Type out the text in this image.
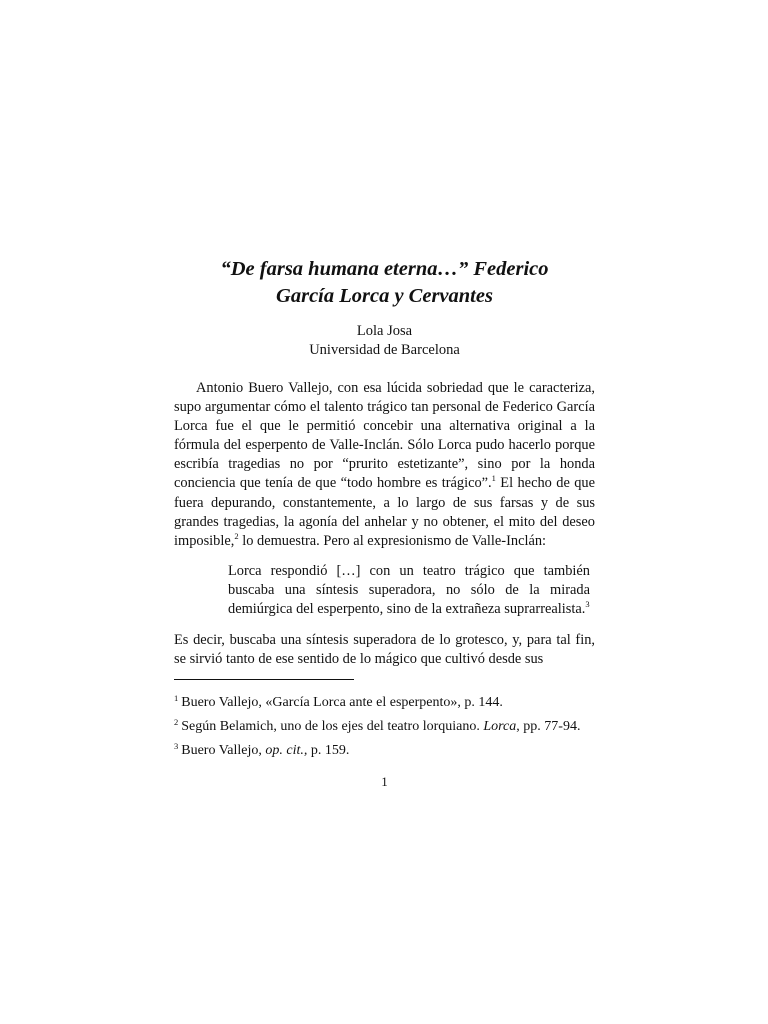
“De farsa humana eterna…” Federico
García Lorca y Cervantes
Lola Josa
Universidad de Barcelona

Antonio Buero Vallejo, con esa lúcida sobriedad que le caracteriza, supo argumentar cómo el talento trágico tan personal de Federico García Lorca fue el que le permitió concebir una alternativa original a la fórmula del esperpento de Valle-Inclán. Sólo Lorca pudo hacerlo porque escribía tragedias no por “prurito estetizante”, sino por la honda conciencia que tenía de que “todo hombre es trágico”.$^1$ El hecho de que fuera depurando, constantemente, a lo largo de sus farsas y de sus grandes tragedias, la agonía del anhelar y no obtener, el mito del deseo imposible,$^2$ lo demuestra. Pero al expresionismo de Valle-Inclán:

Lorca respondió […] con un teatro trágico que también buscaba una síntesis superadora, no sólo de la mirada demiúrgica del esperpento, sino de la extrañeza suprarrealista.$^3$

Es decir, buscaba una síntesis superadora de lo grotesco, y, para tal fin, se sirvió tanto de ese sentido de lo mágico que cultivó desde sus

$^1$ Buero Vallejo, «García Lorca ante el esperpento», p. 144.

$^2$ Según Belamich, uno de los ejes del teatro lorquiano. Lorca, pp. 77-94.

$^3$ Buero Vallejo, op. cit., p. 159.

1
